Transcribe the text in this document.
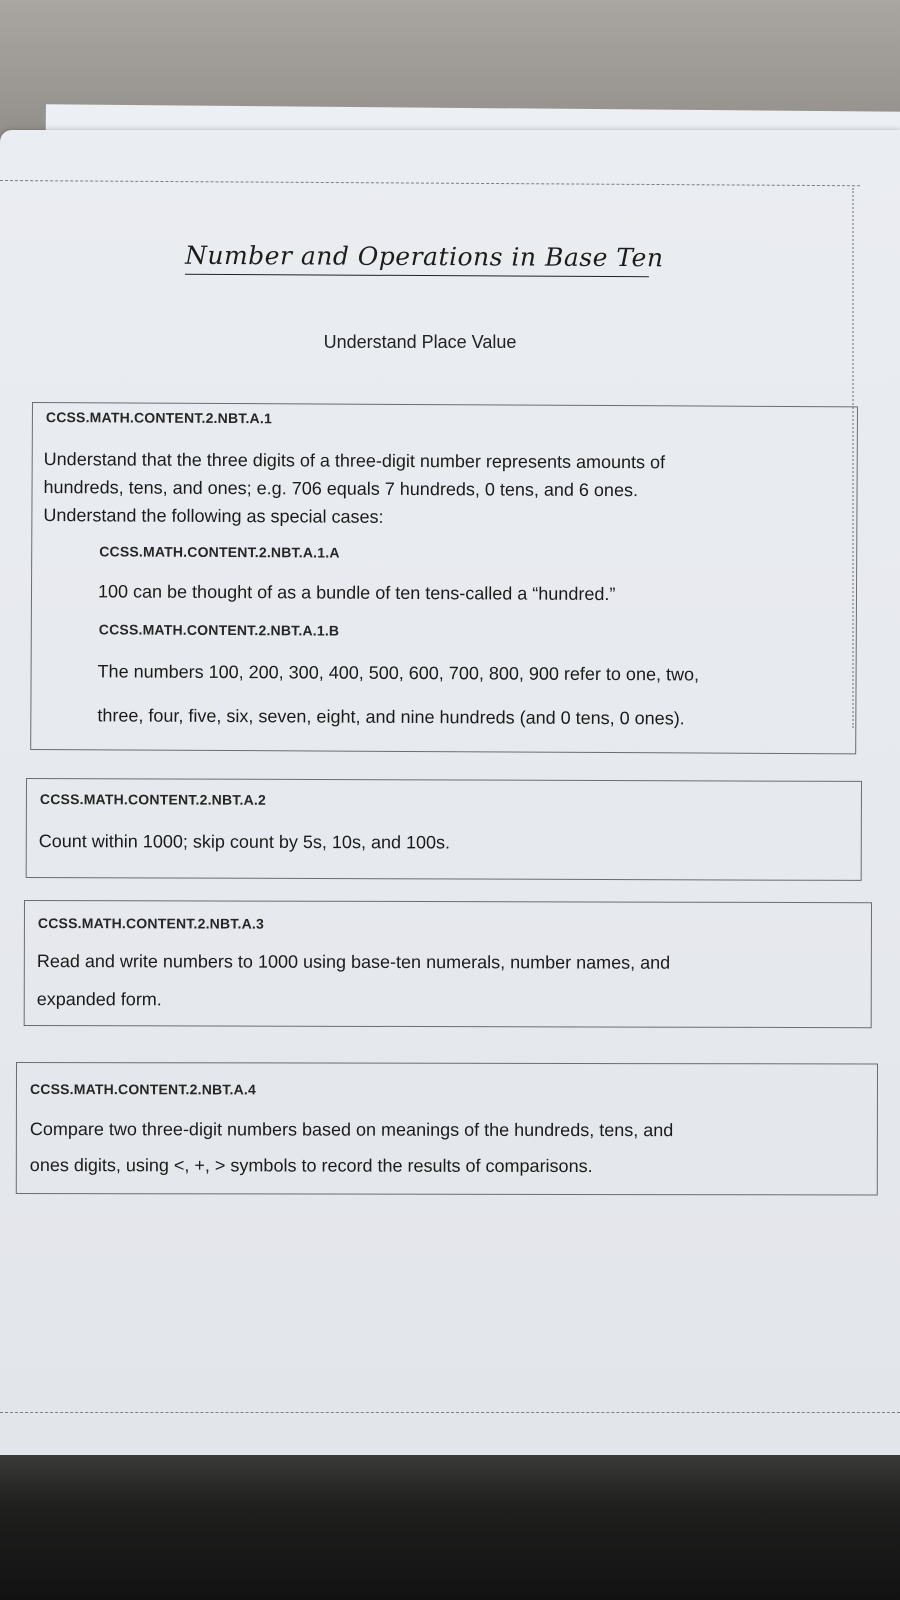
Number and Operations in Base Ten
Understand Place Value
CCSS.MATH.CONTENT.2.NBT.A.1
Understand that the three digits of a three-digit number represents amounts of
hundreds, tens, and ones; e.g. 706 equals 7 hundreds, 0 tens, and 6 ones.
Understand the following as special cases:
CCSS.MATH.CONTENT.2.NBT.A.1.A
100 can be thought of as a bundle of ten tens-called a “hundred.”
CCSS.MATH.CONTENT.2.NBT.A.1.B
The numbers 100, 200, 300, 400, 500, 600, 700, 800, 900 refer to one, two,
three, four, five, six, seven, eight, and nine hundreds (and 0 tens, 0 ones).
CCSS.MATH.CONTENT.2.NBT.A.2
Count within 1000; skip count by 5s, 10s, and 100s.
CCSS.MATH.CONTENT.2.NBT.A.3
Read and write numbers to 1000 using base-ten numerals, number names, and
expanded form.
CCSS.MATH.CONTENT.2.NBT.A.4
Compare two three-digit numbers based on meanings of the hundreds, tens, and
ones digits, using <, +, > symbols to record the results of comparisons.
